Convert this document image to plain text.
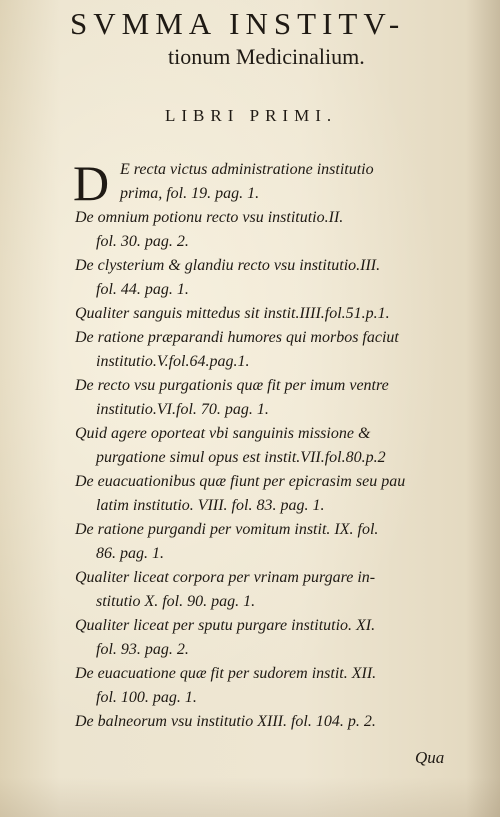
SVMMA INSTITV-
tionum Medicinalium.
LIBRI PRIMI.
D E recta victus administratione institutio
prima, fol. 19. pag. 1.
De omnium potionu recto vsu institutio.II.
fol. 30. pag. 2.
De clysterium & glandiu recto vsu institutio.III.
fol. 44. pag. 1.
Qualiter sanguis mittedus sit instit.IIII.fol.51.p.1.
De ratione præparandi humores qui morbos faciut
institutio.V.fol.64.pag.1.
De recto vsu purgationis quæ fit per imum ventre
institutio.VI.fol. 70. pag. 1.
Quid agere oporteat vbi sanguinis missione &
purgatione simul opus est instit.VII.fol.80.p.2
De euacuationibus quæ fiunt per epicrasim seu pau
latim institutio. VIII. fol. 83. pag. 1.
De ratione purgandi per vomitum instit. IX. fol.
86. pag. 1.
Qualiter liceat corpora per vrinam purgare in-
stitutio X. fol. 90. pag. 1.
Qualiter liceat per sputu purgare institutio. XI.
fol. 93. pag. 2.
De euacuatione quæ fit per sudorem instit. XII.
fol. 100. pag. 1.
De balneorum vsu institutio XIII. fol. 104. p. 2.
Qua
